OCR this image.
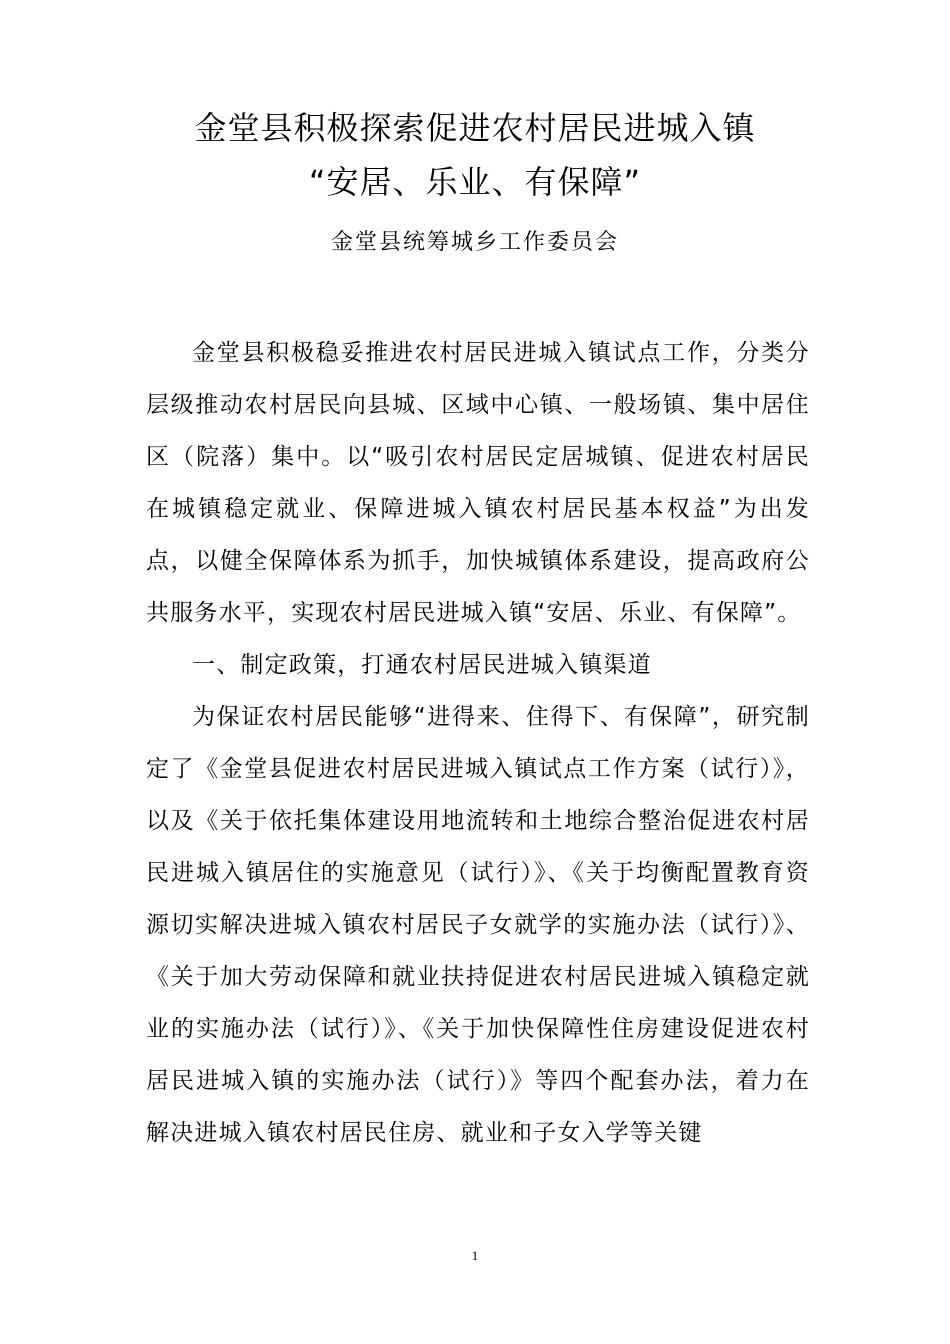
金堂县积极探索促进农村居民进城入镇
“安居、乐业、有保障”
金堂县统筹城乡工作委员会

金堂县积极稳妥推进农村居民进城入镇试点工作，分类分层级推动农村居民向县城、区域中心镇、一般场镇、集中居住区（院落）集中。以“吸引农村居民定居城镇、促进农村居民在城镇稳定就业、保障进城入镇农村居民基本权益”为出发点，以健全保障体系为抓手，加快城镇体系建设，提高政府公共服务水平，实现农村居民进城入镇“安居、乐业、有保障”。

一、制定政策，打通农村居民进城入镇渠道

为保证农村居民能够“进得来、住得下、有保障”，研究制定了《金堂县促进农村居民进城入镇试点工作方案（试行）》，以及《关于依托集体建设用地流转和土地综合整治促进农村居民进城入镇居住的实施意见（试行）》、《关于均衡配置教育资源切实解决进城入镇农村居民子女就学的实施办法（试行）》、《关于加大劳动保障和就业扶持促进农村居民进城入镇稳定就业的实施办法（试行）》、《关于加快保障性住房建设促进农村居民进城入镇的实施办法（试行）》等四个配套办法，着力在解决进城入镇农村居民住房、就业和子女入学等关键

1
